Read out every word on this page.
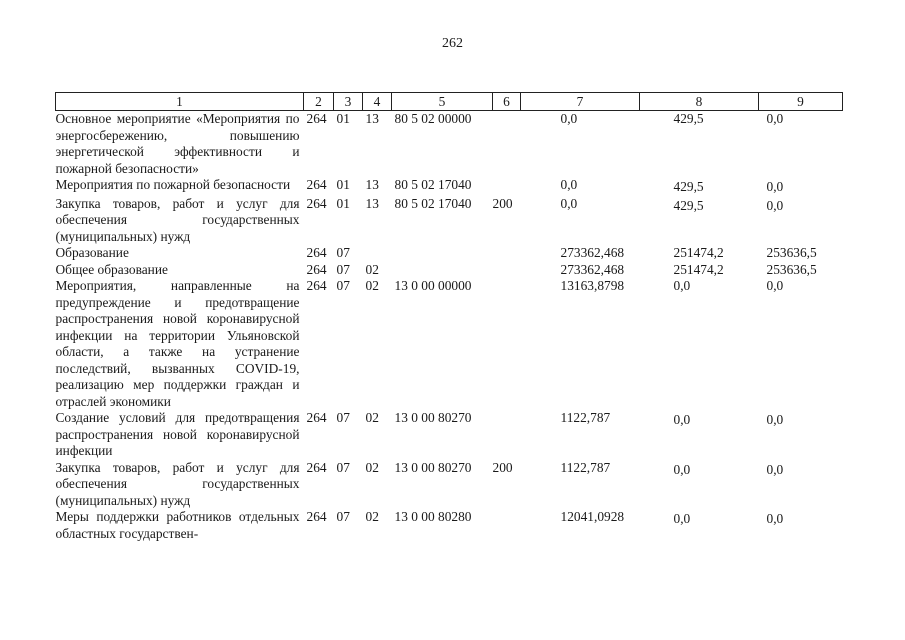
262
1	2	3	4	5	6	7	8	9
Основное мероприятие «Мероприятия по энергосбережению, повышению энергетической эффективности и пожарной безопасности»	264	01	13	80 5 02 00000		0,0	429,5	0,0
Мероприятия по пожарной безопасности	264	01	13	80 5 02 17040		0,0	429,5	0,0
Закупка товаров, работ и услуг для обеспечения государственных (муниципальных) нужд	264	01	13	80 5 02 17040	200	0,0	429,5	0,0
Образование	264	07				273362,468	251474,2	253636,5
Общее образование	264	07	02			273362,468	251474,2	253636,5
Мероприятия, направленные на предупреждение и предотвращение распространения новой коронавирусной инфекции на территории Ульяновской области, а также на устранение последствий, вызванных COVID-19, реализацию мер поддержки граждан и отраслей экономики	264	07	02	13 0 00 00000		13163,8798	0,0	0,0
Создание условий для предотвращения распространения новой коронавирусной инфекции	264	07	02	13 0 00 80270		1122,787	0,0	0,0
Закупка товаров, работ и услуг для обеспечения государственных (муниципальных) нужд	264	07	02	13 0 00 80270	200	1122,787	0,0	0,0
Меры поддержки работников отдельных областных государствен-	264	07	02	13 0 00 80280		12041,0928	0,0	0,0
